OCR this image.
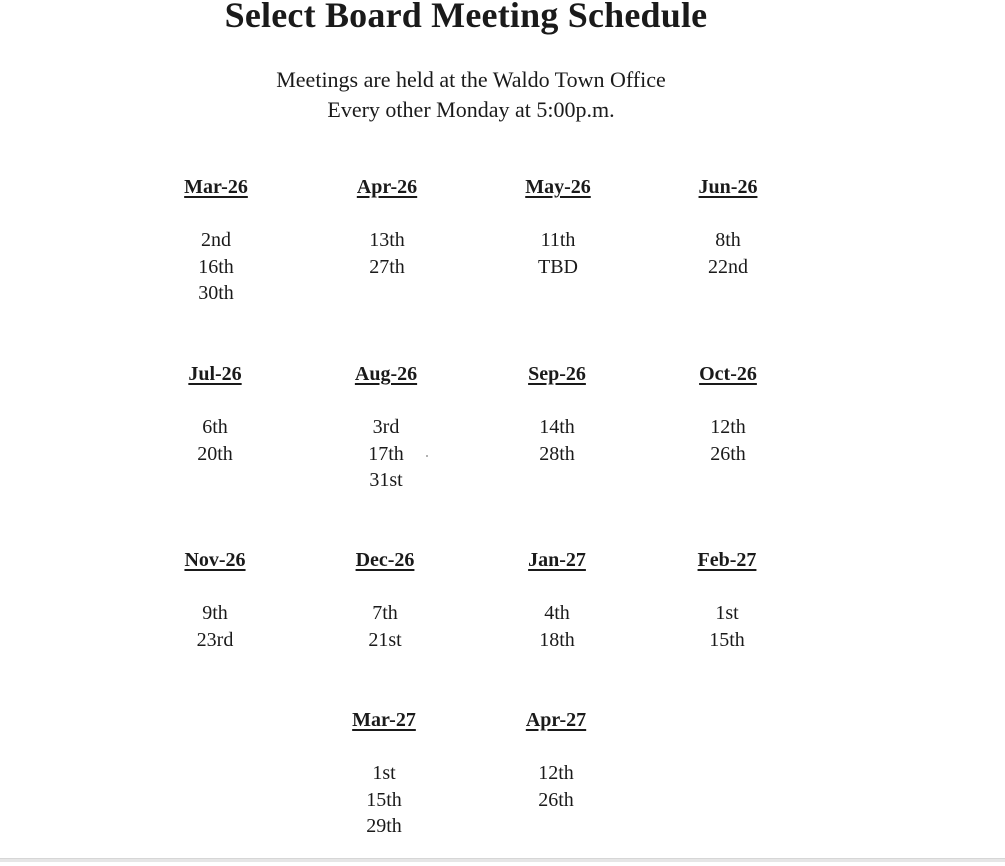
Select Board Meeting Schedule
Meetings are held at the Waldo Town Office
Every other Monday at 5:00p.m.
Mar-26
2nd
16th
30th
Apr-26
13th
27th
May-26
11th
TBD
Jun-26
8th
22nd
Jul-26
6th
20th
Aug-26
3rd
17th
31st
Sep-26
14th
28th
Oct-26
12th
26th
Nov-26
9th
23rd
Dec-26
7th
21st
Jan-27
4th
18th
Feb-27
1st
15th
Mar-27
1st
15th
29th
Apr-27
12th
26th
